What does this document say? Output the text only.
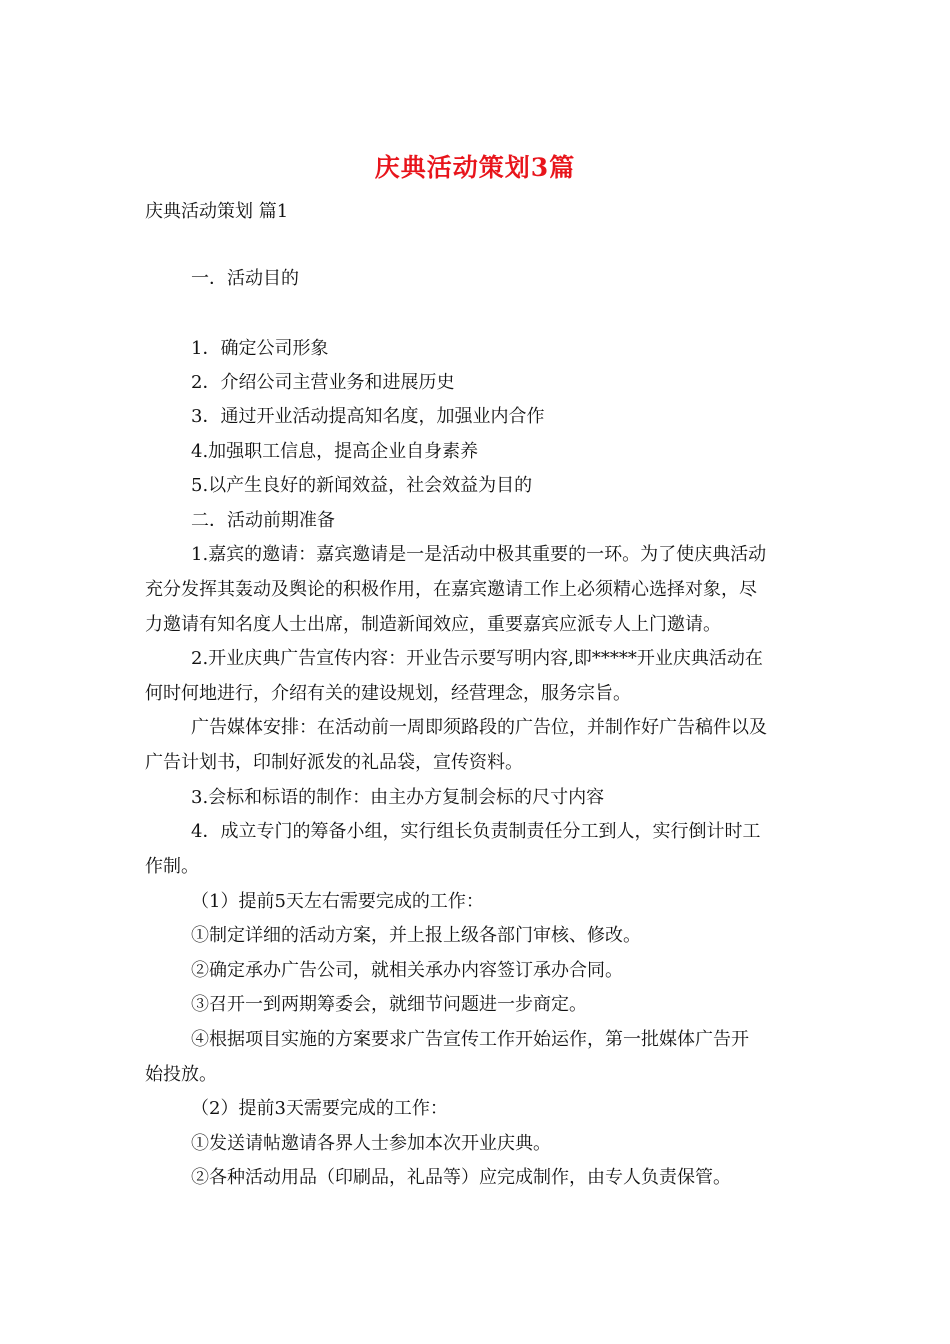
庆典活动策划3篇
庆典活动策划 篇1
一．活动目的
1．确定公司形象
2．介绍公司主营业务和进展历史
3．通过开业活动提高知名度，加强业内合作
4.加强职工信息，提高企业自身素养
5.以产生良好的新闻效益，社会效益为目的
二．活动前期准备
1.嘉宾的邀请：嘉宾邀请是一是活动中极其重要的一环。为了使庆典活动
充分发挥其轰动及舆论的积极作用，在嘉宾邀请工作上必须精心选择对象，尽
力邀请有知名度人士出席，制造新闻效应，重要嘉宾应派专人上门邀请。
2.开业庆典广告宣传内容：开业告示要写明内容,即*****开业庆典活动在
何时何地进行，介绍有关的建设规划，经营理念，服务宗旨。
广告媒体安排：在活动前一周即须路段的广告位，并制作好广告稿件以及
广告计划书，印制好派发的礼品袋，宣传资料。
3.会标和标语的制作：由主办方复制会标的尺寸内容
4．成立专门的筹备小组，实行组长负责制责任分工到人，实行倒计时工
作制。
（1）提前5天左右需要完成的工作：
①制定详细的活动方案，并上报上级各部门审核、修改。
②确定承办广告公司，就相关承办内容签订承办合同。
③召开一到两期筹委会，就细节问题进一步商定。
④根据项目实施的方案要求广告宣传工作开始运作，第一批媒体广告开
始投放。
（2）提前3天需要完成的工作：
①发送请帖邀请各界人士参加本次开业庆典。
②各种活动用品（印刷品，礼品等）应完成制作，由专人负责保管。
